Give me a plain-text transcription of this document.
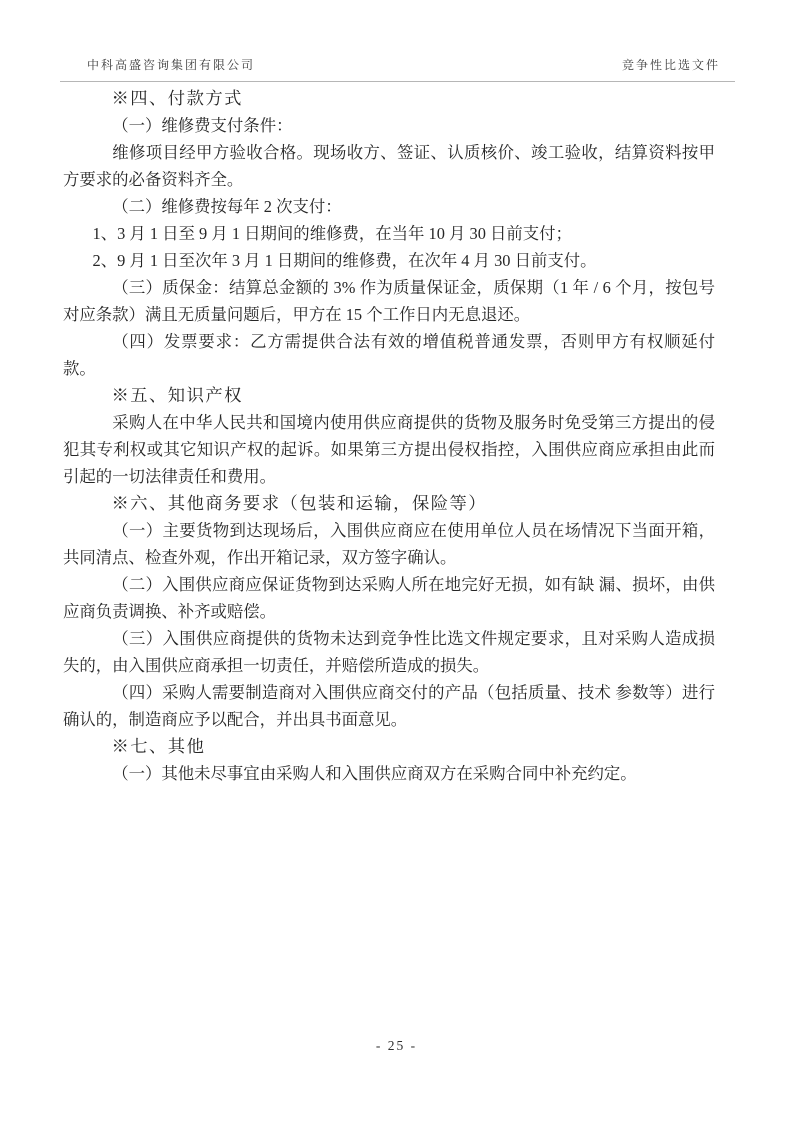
中科高盛咨询集团有限公司	竞争性比选文件

※四、付款方式

（一）维修费支付条件：

维修项目经甲方验收合格。现场收方、签证、认质核价、竣工验收，结算资料按甲方要求的必备资料齐全。

（二）维修费按每年 2 次支付：

1、3 月 1 日至 9 月 1 日期间的维修费，在当年 10 月 30 日前支付；

2、9 月 1 日至次年 3 月 1 日期间的维修费，在次年 4 月 30 日前支付。

（三）质保金：结算总金额的 3% 作为质量保证金，质保期（1 年 / 6 个月，按包号对应条款）满且无质量问题后，甲方在 15 个工作日内无息退还。

（四）发票要求：乙方需提供合法有效的增值税普通发票，否则甲方有权顺延付款。

※五、知识产权

采购人在中华人民共和国境内使用供应商提供的货物及服务时免受第三方提出的侵犯其专利权或其它知识产权的起诉。如果第三方提出侵权指控，入围供应商应承担由此而引起的一切法律责任和费用。

※六、其他商务要求（包装和运输，保险等）

（一）主要货物到达现场后，入围供应商应在使用单位人员在场情况下当面开箱，共同清点、检查外观，作出开箱记录，双方签字确认。

（二）入围供应商应保证货物到达采购人所在地完好无损，如有缺 漏、损坏，由供应商负责调换、补齐或赔偿。

（三）入围供应商提供的货物未达到竞争性比选文件规定要求，且对采购人造成损失的，由入围供应商承担一切责任，并赔偿所造成的损失。

（四）采购人需要制造商对入围供应商交付的产品（包括质量、技术 参数等）进行确认的，制造商应予以配合，并出具书面意见。

※七、其他

（一）其他未尽事宜由采购人和入围供应商双方在采购合同中补充约定。

- 25 -
